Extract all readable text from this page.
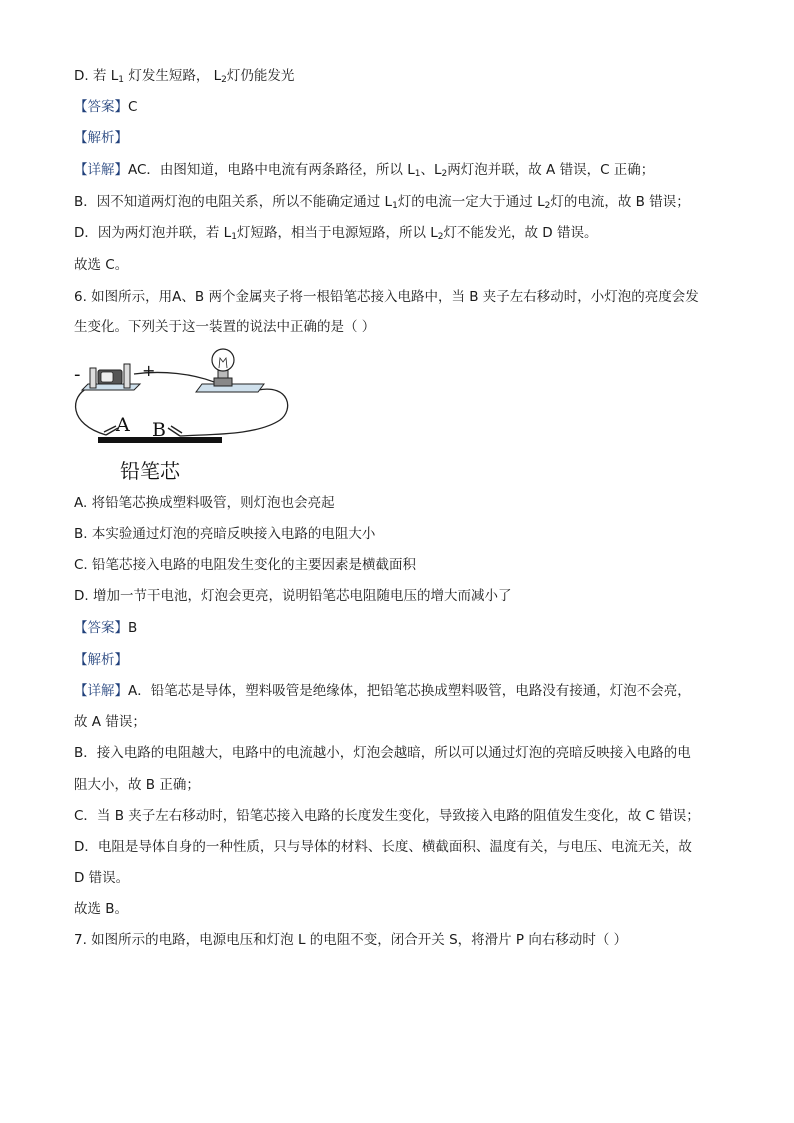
D. 若 $L_1$ 灯发生短路， $L_2$灯仍能发光
【答案】C
【解析】
【详解】AC．由图知道，电路中电流有两条路径，所以 $L_1$、$L_2$两灯泡并联，故 A 错误，C 正确；
B．因不知道两灯泡的电阻关系，所以不能确定通过 $L_1$灯的电流一定大于通过 $L_2$灯的电流，故 B 错误；
D．因为两灯泡并联，若 $L_1$灯短路，相当于电源短路，所以 $L_2$灯不能发光，故 D 错误。
故选 C。
6. 如图所示，用A、B 两个金属夹子将一根铅笔芯接入电路中，当 B 夹子左右移动时，小灯泡的亮度会发
生变化。下列关于这一装置的说法中正确的是（ ）
-	+
A B
铅笔芯
A. 将铅笔芯换成塑料吸管，则灯泡也会亮起
B. 本实验通过灯泡的亮暗反映接入电路的电阻大小
C. 铅笔芯接入电路的电阻发生变化的主要因素是横截面积
D. 增加一节干电池，灯泡会更亮，说明铅笔芯电阻随电压的增大而减小了
【答案】B
【解析】
【详解】A．铅笔芯是导体，塑料吸管是绝缘体，把铅笔芯换成塑料吸管，电路没有接通，灯泡不会亮，
故 A 错误；
B．接入电路的电阻越大，电路中的电流越小，灯泡会越暗，所以可以通过灯泡的亮暗反映接入电路的电
阻大小，故 B 正确；
C．当 B 夹子左右移动时，铅笔芯接入电路的长度发生变化，导致接入电路的阻值发生变化，故 C 错误；
D．电阻是导体自身的一种性质，只与导体的材料、长度、横截面积、温度有关，与电压、电流无关，故
D 错误。
故选 B。
7. 如图所示的电路，电源电压和灯泡 L 的电阻不变，闭合开关 S，将滑片 P 向右移动时（ ）
